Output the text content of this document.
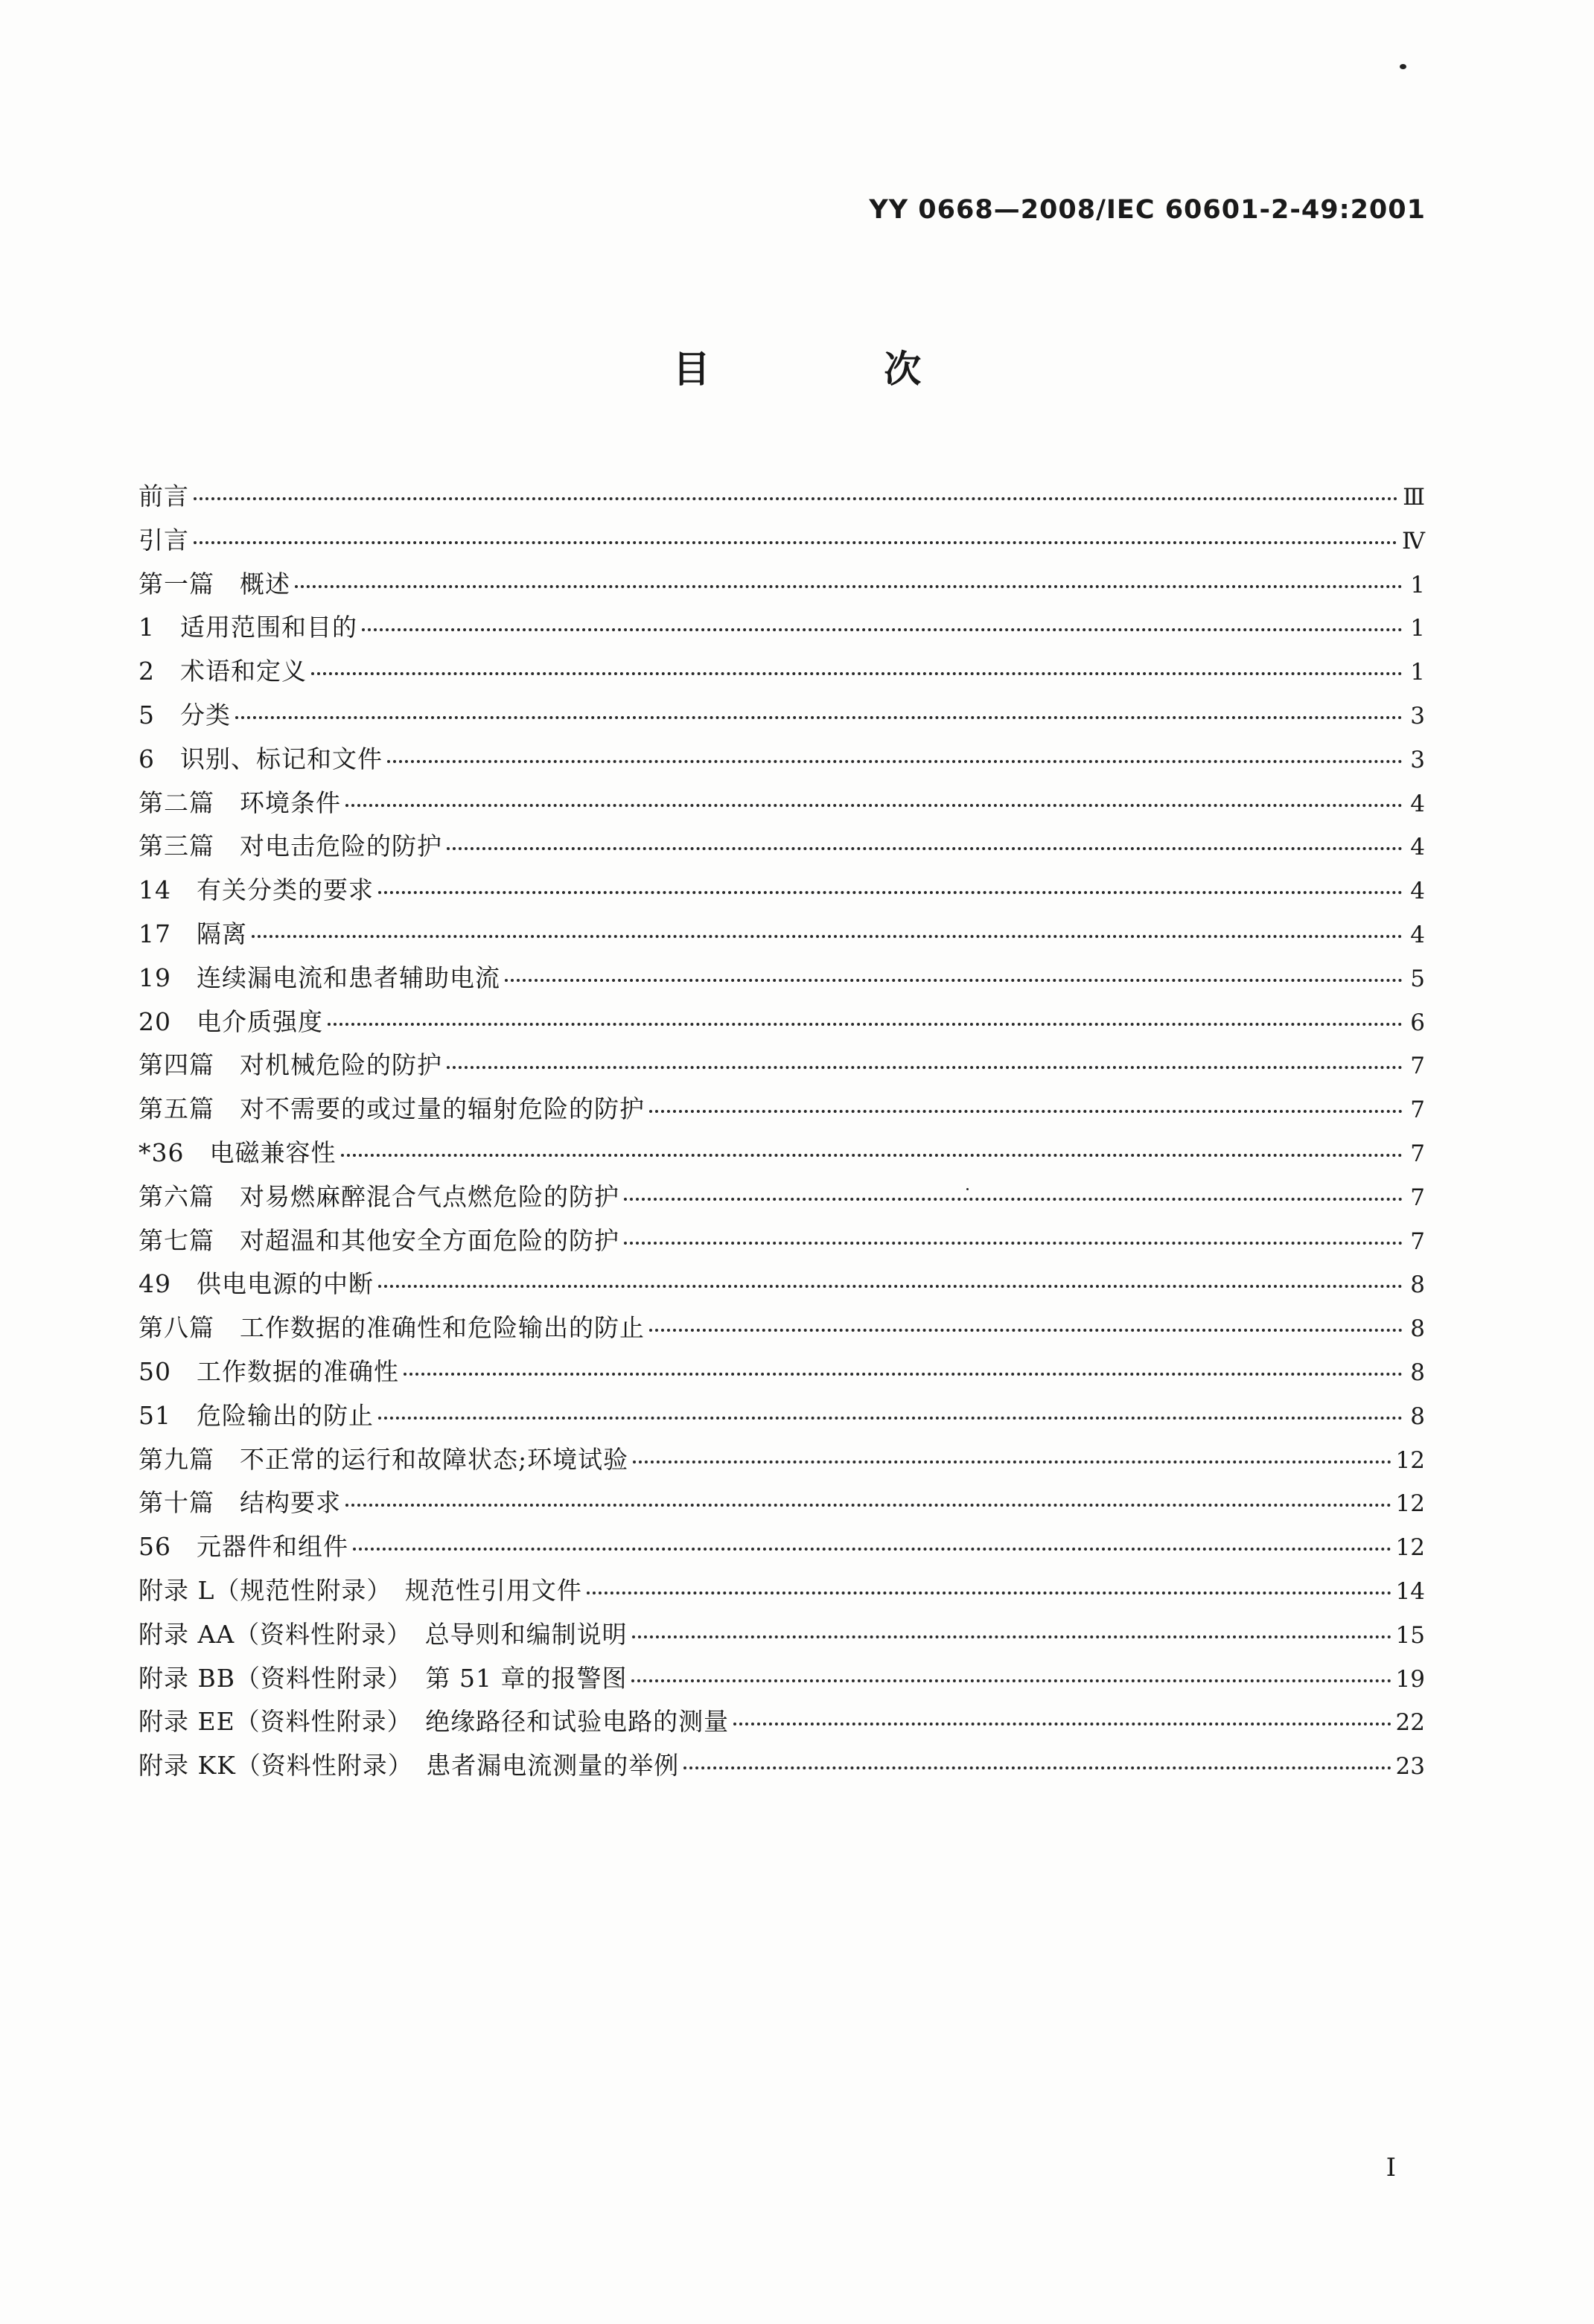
YY 0668—2008/IEC 60601-2-49:2001
目 次
前言	Ⅲ
引言	Ⅳ
第一篇　概述	1
1　适用范围和目的	1
2　术语和定义	1
5　分类	3
6　识别、标记和文件	3
第二篇　环境条件	4
第三篇　对电击危险的防护	4
14　有关分类的要求	4
17　隔离	4
19　连续漏电流和患者辅助电流	5
20　电介质强度	6
第四篇　对机械危险的防护	7
第五篇　对不需要的或过量的辐射危险的防护	7
*36　电磁兼容性	7
第六篇　对易燃麻醉混合气点燃危险的防护	7
第七篇　对超温和其他安全方面危险的防护	7
49　供电电源的中断	8
第八篇　工作数据的准确性和危险输出的防止	8
50　工作数据的准确性	8
51　危险输出的防止	8
第九篇　不正常的运行和故障状态;环境试验	12
第十篇　结构要求	12
56　元器件和组件	12
附录 L（规范性附录）　规范性引用文件	14
附录 AA（资料性附录）　总导则和编制说明	15
附录 BB（资料性附录）　第 51 章的报警图	19
附录 EE（资料性附录）　绝缘路径和试验电路的测量	22
附录 KK（资料性附录）　患者漏电流测量的举例	23
I
